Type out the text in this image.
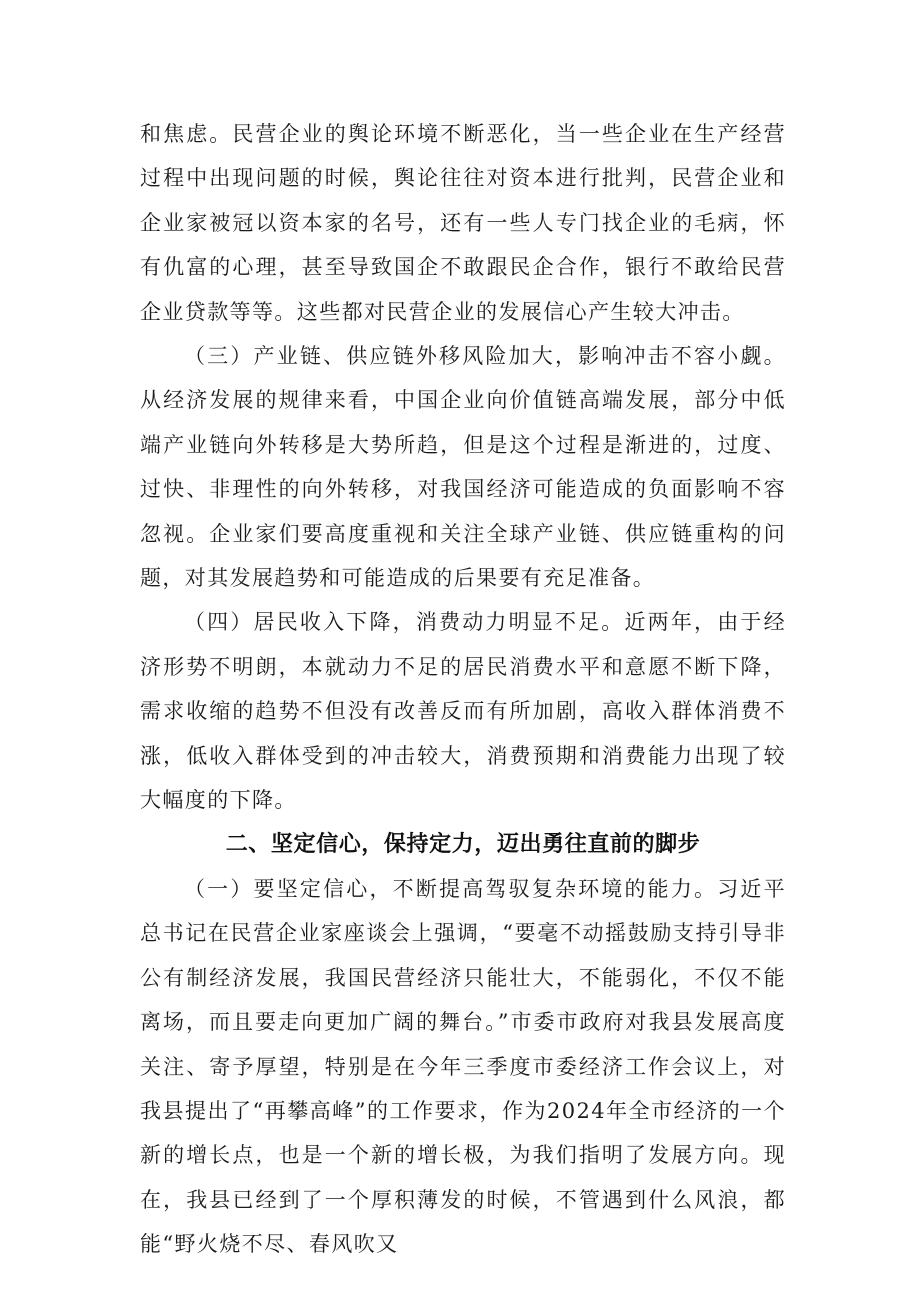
和焦虑。民营企业的舆论环境不断恶化，当一些企业在生产经营过程中出现问题的时候，舆论往往对资本进行批判，民营企业和企业家被冠以资本家的名号，还有一些人专门找企业的毛病，怀有仇富的心理，甚至导致国企不敢跟民企合作，银行不敢给民营企业贷款等等。这些都对民营企业的发展信心产生较大冲击。

（三）产业链、供应链外移风险加大，影响冲击不容小觑。从经济发展的规律来看，中国企业向价值链高端发展，部分中低端产业链向外转移是大势所趋，但是这个过程是渐进的，过度、过快、非理性的向外转移，对我国经济可能造成的负面影响不容忽视。企业家们要高度重视和关注全球产业链、供应链重构的问题，对其发展趋势和可能造成的后果要有充足准备。

（四）居民收入下降，消费动力明显不足。近两年，由于经济形势不明朗，本就动力不足的居民消费水平和意愿不断下降，需求收缩的趋势不但没有改善反而有所加剧，高收入群体消费不涨，低收入群体受到的冲击较大，消费预期和消费能力出现了较大幅度的下降。

二、坚定信心，保持定力，迈出勇往直前的脚步

（一）要坚定信心，不断提高驾驭复杂环境的能力。习近平总书记在民营企业家座谈会上强调，“要毫不动摇鼓励支持引导非公有制经济发展，我国民营经济只能壮大，不能弱化，不仅不能离场，而且要走向更加广阔的舞台。”市委市政府对我县发展高度关注、寄予厚望，特别是在今年三季度市委经济工作会议上，对我县提出了“再攀高峰”的工作要求，作为2024年全市经济的一个新的增长点，也是一个新的增长极，为我们指明了发展方向。现在，我县已经到了一个厚积薄发的时候，不管遇到什么风浪，都能“野火烧不尽、春风吹又
